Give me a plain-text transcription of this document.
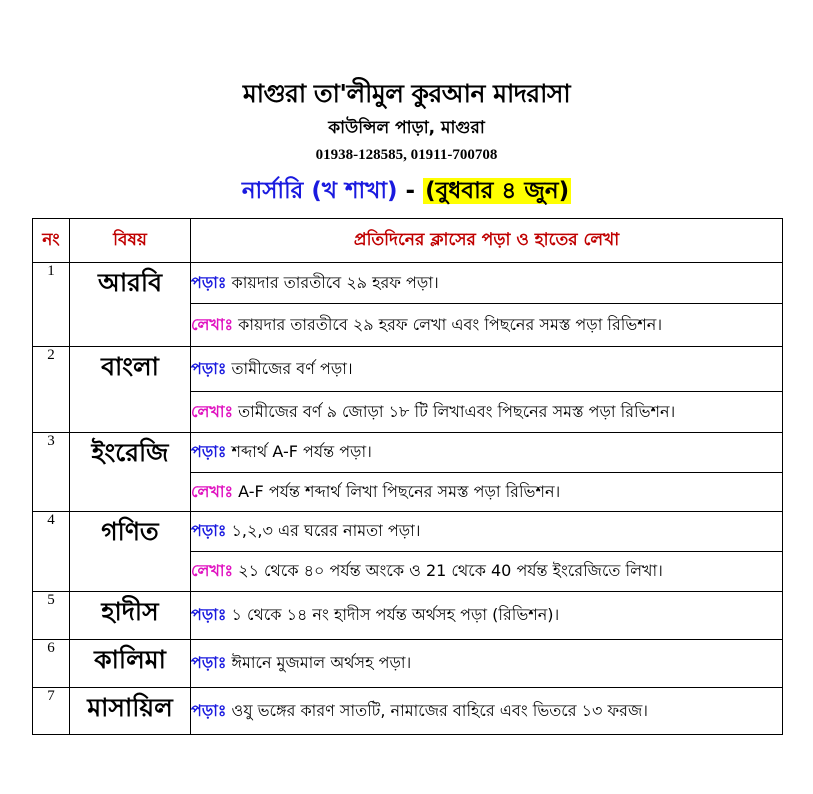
মাগুরা তা'লীমুল কুরআন মাদরাসা
কাউন্সিল পাড়া, মাগুরা
01938-128585, 01911-700708
নার্সারি (খ শাখা) - (বুধবার ৪ জুন)
নং	বিষয়	প্রতিদিনের ক্লাসের পড়া ও হাতের লেখা
1	আরবি	পড়াঃ কায়দার তারতীবে ২৯ হরফ পড়া।
		লেখাঃ কায়দার তারতীবে ২৯ হরফ লেখা এবং পিছনের সমস্ত পড়া রিভিশন।
2	বাংলা	পড়াঃ তামীজের বর্ণ পড়া।
		লেখাঃ তামীজের বর্ণ ৯ জোড়া ১৮ টি লিখাএবং পিছনের সমস্ত পড়া রিভিশন।
3	ইংরেজি	পড়াঃ শব্দার্থ A-F পর্যন্ত পড়া।
		লেখাঃ A-F পর্যন্ত শব্দার্থ লিখা পিছনের সমস্ত পড়া রিভিশন।
4	গণিত	পড়াঃ ১,২,৩ এর ঘরের নামতা পড়া।
		লেখাঃ ২১ থেকে ৪০ পর্যন্ত অংকে ও 21 থেকে 40 পর্যন্ত ইংরেজিতে লিখা।
5	হাদীস	পড়াঃ ১ থেকে ১৪ নং হাদীস পর্যন্ত অর্থসহ পড়া (রিভিশন)।
6	কালিমা	পড়াঃ ঈমানে মুজমাল অর্থসহ পড়া।
7	মাসায়িল	পড়াঃ ওযু ভঙ্গের কারণ সাতটি, নামাজের বাহিরে এবং ভিতরে ১৩ ফরজ।
